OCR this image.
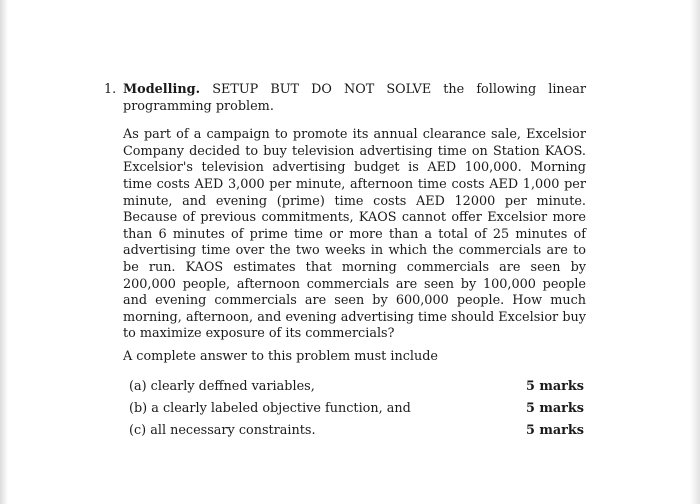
1. Modelling. SETUP BUT DO NOT SOLVE the following linear programming problem.

As part of a campaign to promote its annual clearance sale, Excelsior Company decided to buy television advertising time on Station KAOS. Excelsior's television advertising budget is AED 100,000. Morning time costs AED 3,000 per minute, afternoon time costs AED 1,000 per minute, and evening (prime) time costs AED 12000 per minute. Because of previous commitments, KAOS cannot offer Excelsior more than 6 minutes of prime time or more than a total of 25 minutes of advertising time over the two weeks in which the commercials are to be run. KAOS estimates that morning commercials are seen by 200,000 people, afternoon commercials are seen by 100,000 people and evening commercials are seen by 600,000 people. How much morning, afternoon, and evening advertising time should Excelsior buy to maximize exposure of its commercials?

A complete answer to this problem must include
(a) clearly deffned variables,	5 marks
(b) a clearly labeled objective function, and	5 marks
(c) all necessary constraints.	5 marks
